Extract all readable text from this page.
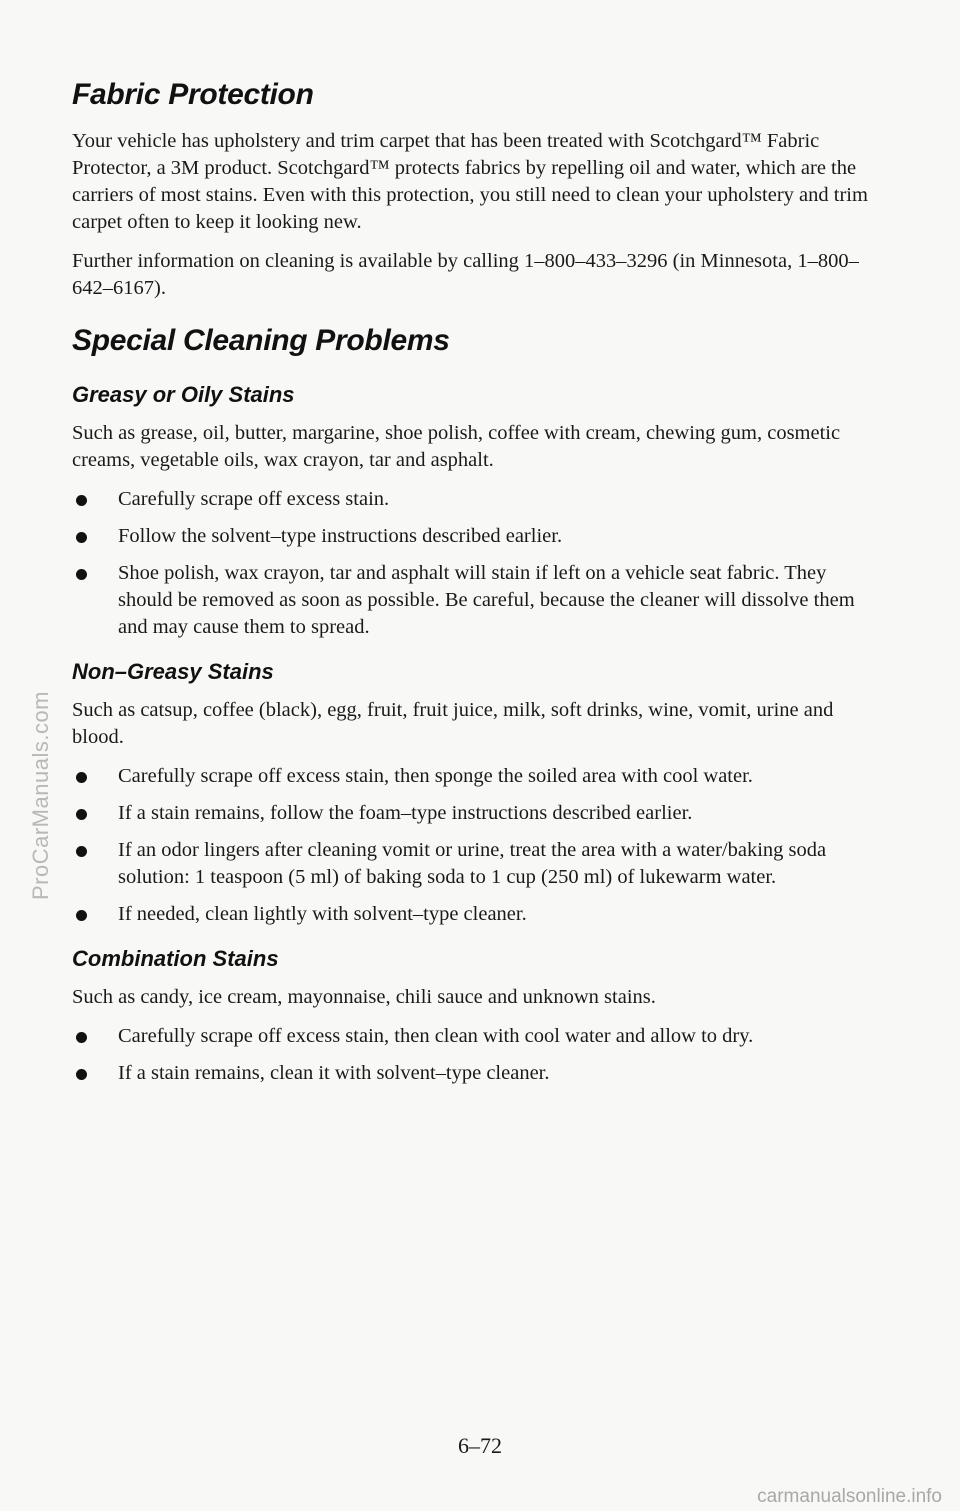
Fabric Protection

Your vehicle has upholstery and trim carpet that has been treated with Scotchgard™ Fabric Protector, a 3M product. Scotchgard™ protects fabrics by repelling oil and water, which are the carriers of most stains. Even with this protection, you still need to clean your upholstery and trim carpet often to keep it looking new.

Further information on cleaning is available by calling 1–800–433–3296 (in Minnesota, 1–800–642–6167).

Special Cleaning Problems
Greasy or Oily Stains

Such as grease, oil, butter, margarine, shoe polish, coffee with cream, chewing gum, cosmetic creams, vegetable oils, wax crayon, tar and asphalt.

Carefully scrape off excess stain.
Follow the solvent–type instructions described earlier.
Shoe polish, wax crayon, tar and asphalt will stain if left on a vehicle seat fabric. They should be removed as soon as possible. Be careful, because the cleaner will dissolve them and may cause them to spread.
Non–Greasy Stains

Such as catsup, coffee (black), egg, fruit, fruit juice, milk, soft drinks, wine, vomit, urine and blood.

Carefully scrape off excess stain, then sponge the soiled area with cool water.
If a stain remains, follow the foam–type instructions described earlier.
If an odor lingers after cleaning vomit or urine, treat the area with a water/baking soda solution: 1 teaspoon (5 ml) of baking soda to 1 cup (250 ml) of lukewarm water.
If needed, clean lightly with solvent–type cleaner.
Combination Stains

Such as candy, ice cream, mayonnaise, chili sauce and unknown stains.

Carefully scrape off excess stain, then clean with cool water and allow to dry.
If a stain remains, clean it with solvent–type cleaner.
6–72
ProCarManuals.com
carmanualsonline.info
